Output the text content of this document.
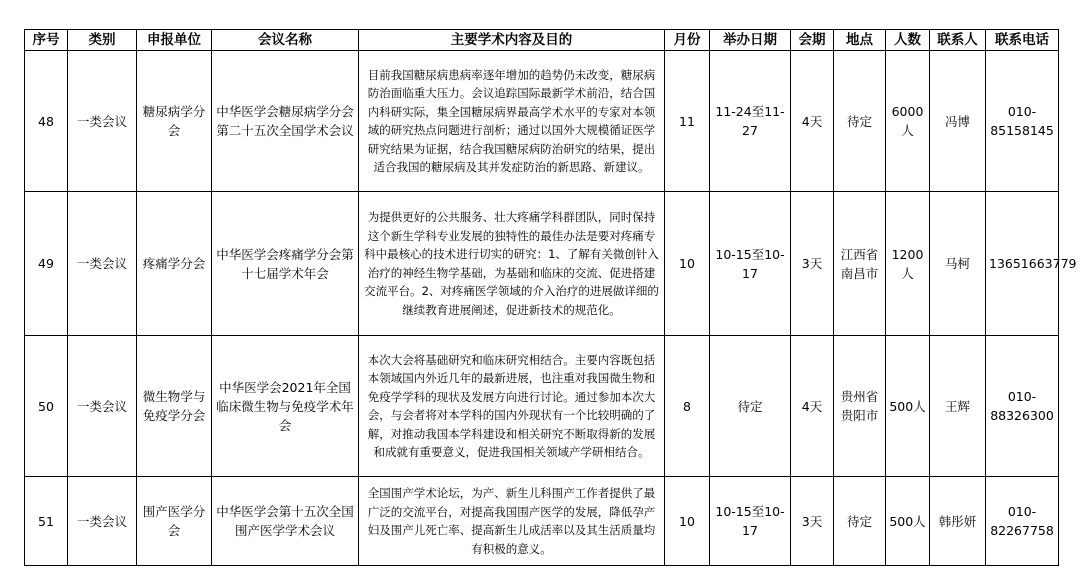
序号	类别	申报单位	会议名称	主要学术内容及目的	月份	举办日期	会期	地点	人数	联系人	联系电话
48	一类会议	糖尿病学分会	中华医学会糖尿病学分会第二十五次全国学术会议	目前我国糖尿病患病率逐年增加的趋势仍未改变，糖尿病防治面临重大压力。会议追踪国际最新学术前沿，结合国内科研实际，集全国糖尿病界最高学术水平的专家对本领域的研究热点问题进行剖析；通过以国外大规模循证医学研究结果为证据，结合我国糖尿病防治研究的结果，提出适合我国的糖尿病及其并发症防治的新思路、新建议。	11	11-24至11-27	4天	待定	6000人	冯博	010-85158145
49	一类会议	疼痛学分会	中华医学会疼痛学分会第十七届学术年会	为提供更好的公共服务、壮大疼痛学科群团队，同时保持这个新生学科专业发展的独特性的最佳办法是要对疼痛专科中最核心的技术进行切实的研究：1、了解有关微创针入治疗的神经生物学基础，为基础和临床的交流、促进搭建交流平台。2、对疼痛医学领域的介入治疗的进展做详细的继续教育进展阐述，促进新技术的规范化。	10	10-15至10-17	3天	江西省南昌市	1200人	马柯	13651663779
50	一类会议	微生物学与免疫学分会	中华医学会2021年全国临床微生物与免疫学术年会	本次大会将基础研究和临床研究相结合。主要内容既包括本领域国内外近几年的最新进展，也注重对我国微生物和免疫学学科的现状及发展方向进行讨论。通过参加本次大会，与会者将对本学科的国内外现状有一个比较明确的了解，对推动我国本学科建设和相关研究不断取得新的发展和成就有重要意义，促进我国相关领域产学研相结合。	8	待定	4天	贵州省贵阳市	500人	王辉	010-88326300
51	一类会议	围产医学分会	中华医学会第十五次全国围产医学学术会议	全国围产学术论坛，为产、新生儿科围产工作者提供了最广泛的交流平台，对提高我国围产医学的发展，降低孕产妇及围产儿死亡率、提高新生儿成活率以及其生活质量均有积极的意义。	10	10-15至10-17	3天	待定	500人	韩彤妍	010-82267758
